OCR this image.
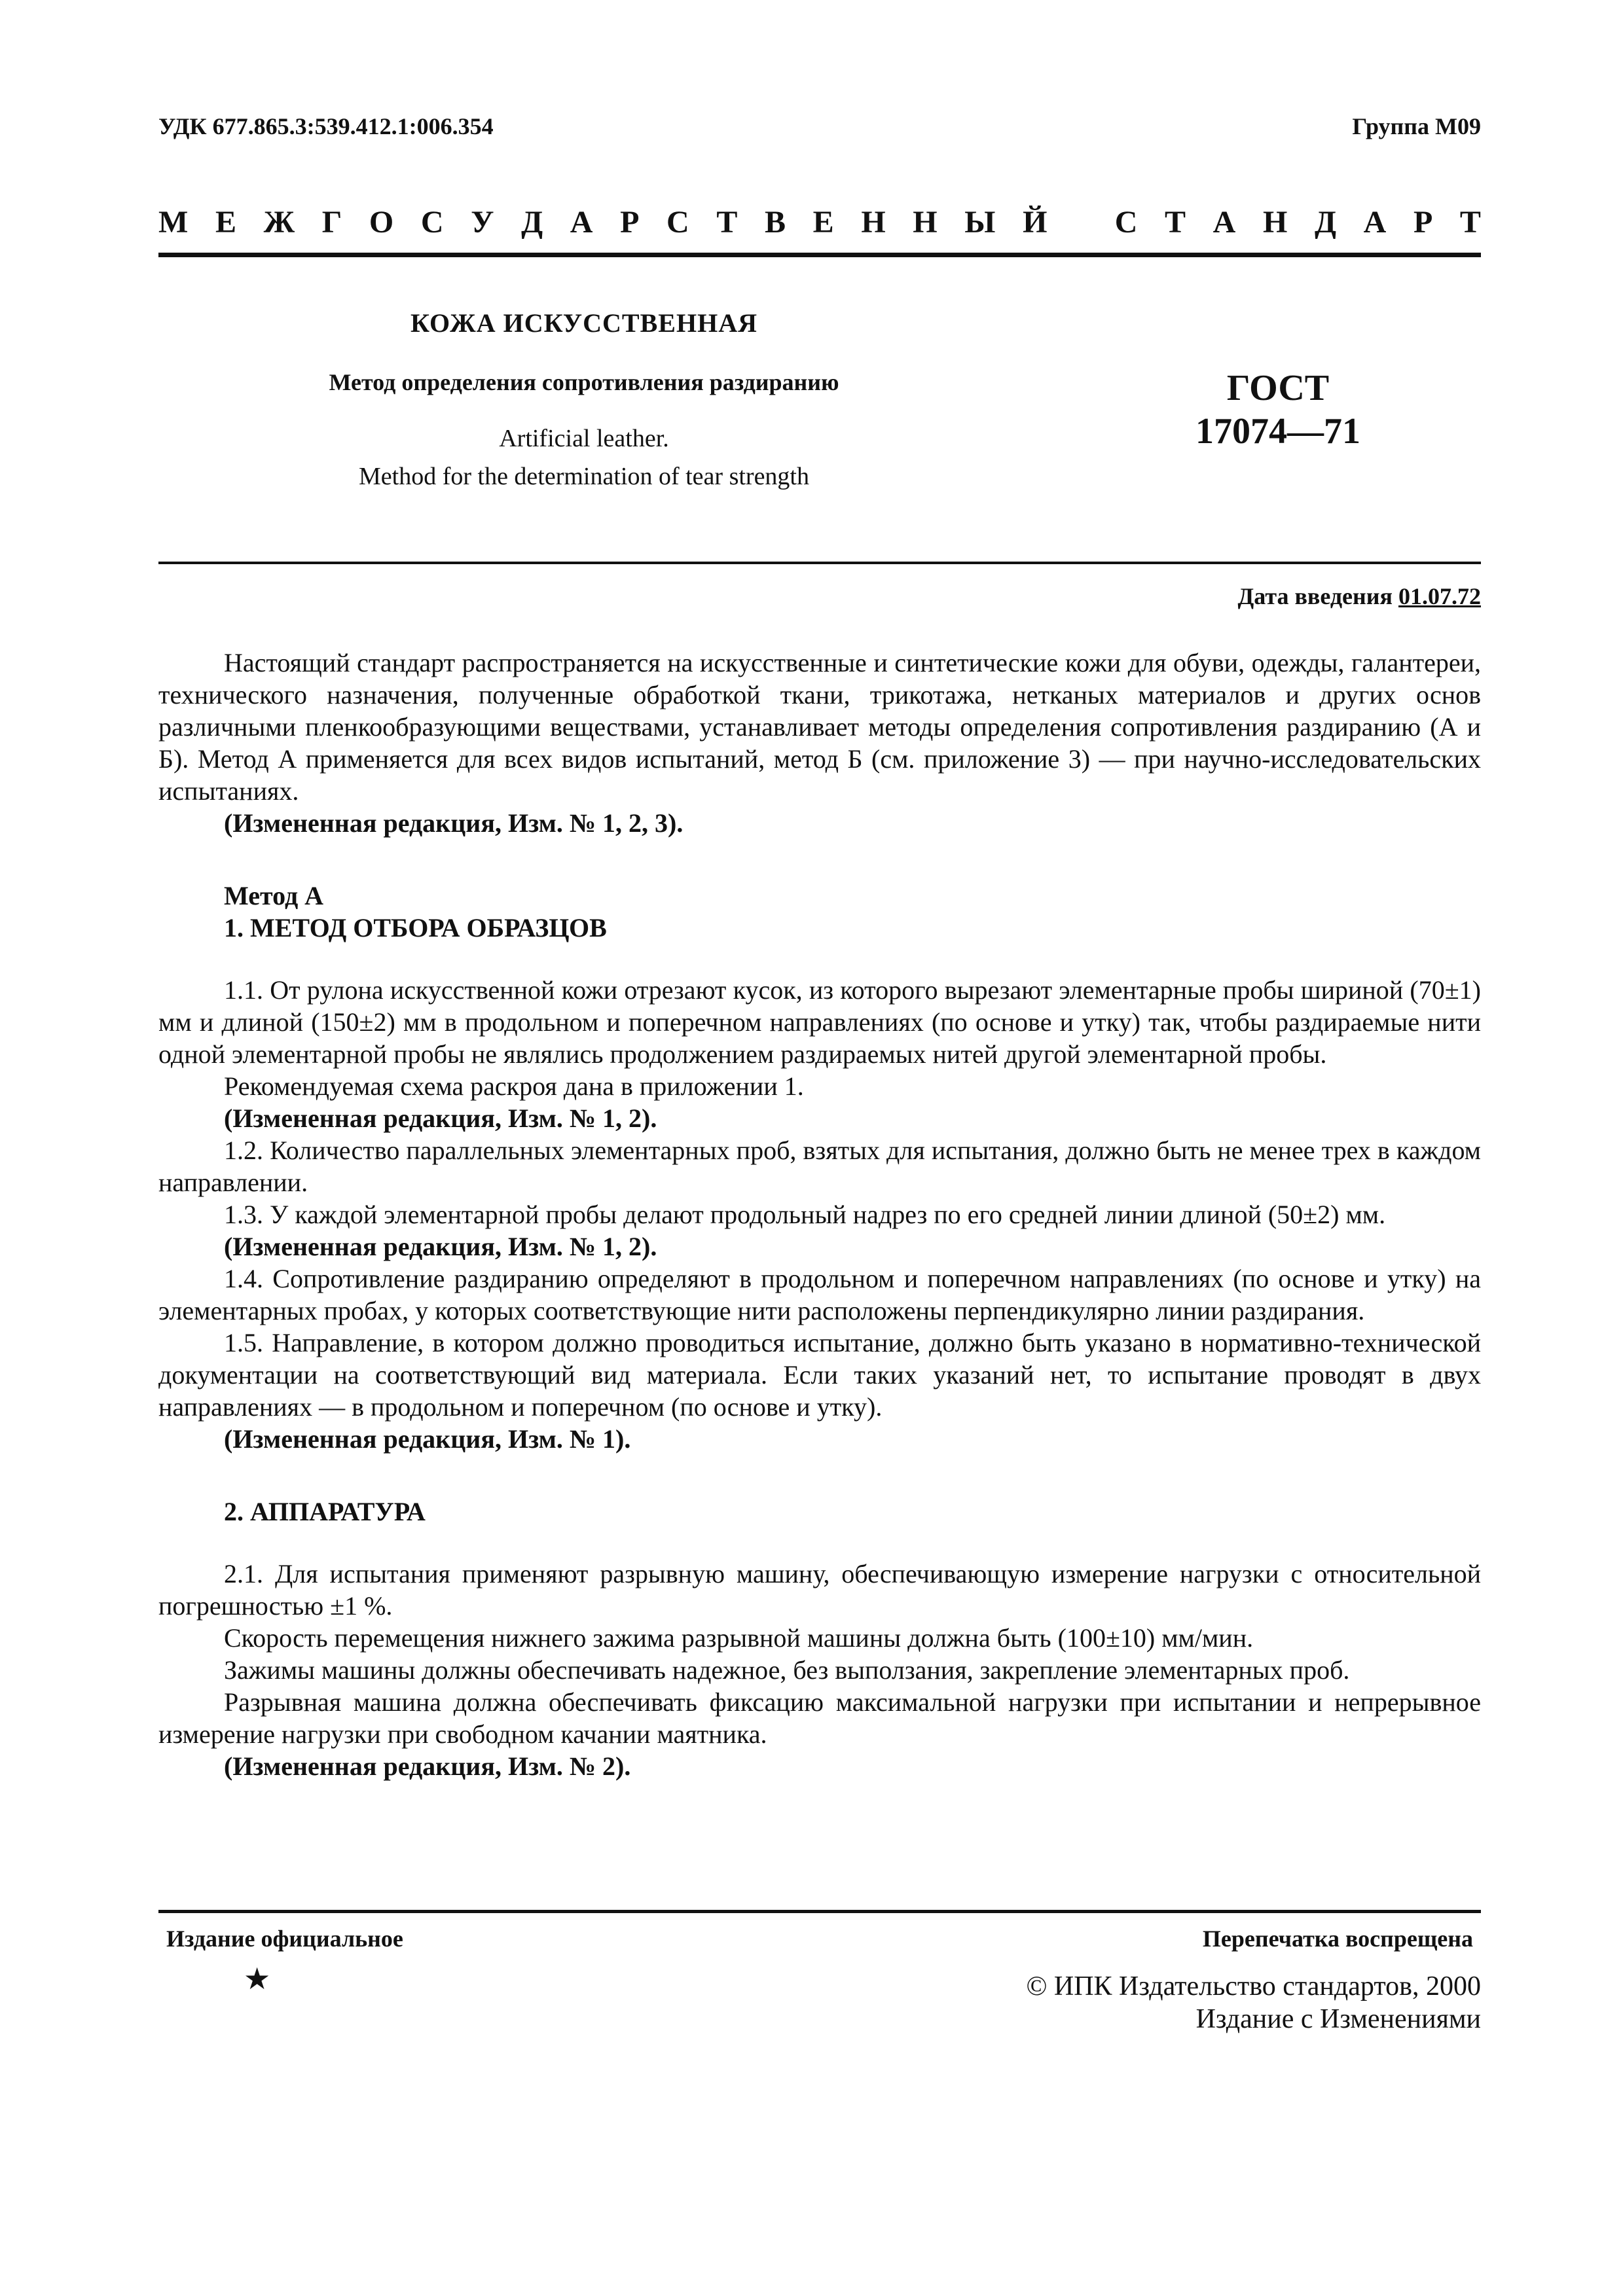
УДК 677.865.3:539.412.1:006.354	Группа М09
М Е Ж Г О С У Д А Р С Т В Е Н Н Ы Й С Т А Н Д А Р Т
КОЖА ИСКУССТВЕННАЯ
Метод определения сопротивления раздиранию
Artificial leather.
Method for the determination of tear strength
ГОСТ
17074—71
Дата введения 01.07.72

Настоящий стандарт распространяется на искусственные и синтетические кожи для обуви, одежды, галантереи, технического назначения, полученные обработкой ткани, трикотажа, нетканых материалов и других основ различными пленкообразующими веществами, устанавливает методы определения сопротивления раздиранию (А и Б). Метод А применяется для всех видов испытаний, метод Б (см. приложение 3) — при научно-исследовательских испытаниях.

(Измененная редакция, Изм. № 1, 2, 3).

Метод А

1. МЕТОД ОТБОРА ОБРАЗЦОВ

1.1. От рулона искусственной кожи отрезают кусок, из которого вырезают элементарные пробы шириной (70±1) мм и длиной (150±2) мм в продольном и поперечном направлениях (по основе и утку) так, чтобы раздираемые нити одной элементарной пробы не являлись продолжением раздираемых нитей другой элементарной пробы.

Рекомендуемая схема раскроя дана в приложении 1.

(Измененная редакция, Изм. № 1, 2).

1.2. Количество параллельных элементарных проб, взятых для испытания, должно быть не менее трех в каждом направлении.

1.3. У каждой элементарной пробы делают продольный надрез по его средней линии длиной (50±2) мм.

(Измененная редакция, Изм. № 1, 2).

1.4. Сопротивление раздиранию определяют в продольном и поперечном направлениях (по основе и утку) на элементарных пробах, у которых соответствующие нити расположены перпендикулярно линии раздирания.

1.5. Направление, в котором должно проводиться испытание, должно быть указано в нормативно-технической документации на соответствующий вид материала. Если таких указаний нет, то испытание проводят в двух направлениях — в продольном и поперечном (по основе и утку).

(Измененная редакция, Изм. № 1).

2. АППАРАТУРА

2.1. Для испытания применяют разрывную машину, обеспечивающую измерение нагрузки с относительной погрешностью ±1 %.

Скорость перемещения нижнего зажима разрывной машины должна быть (100±10) мм/мин.

Зажимы машины должны обеспечивать надежное, без выползания, закрепление элементарных проб.

Разрывная машина должна обеспечивать фиксацию максимальной нагрузки при испытании и непрерывное измерение нагрузки при свободном качании маятника.

(Измененная редакция, Изм. № 2).

Издание официальное	Перепечатка воспрещена
★	© ИПК Издательство стандартов, 2000
Издание с Изменениями
